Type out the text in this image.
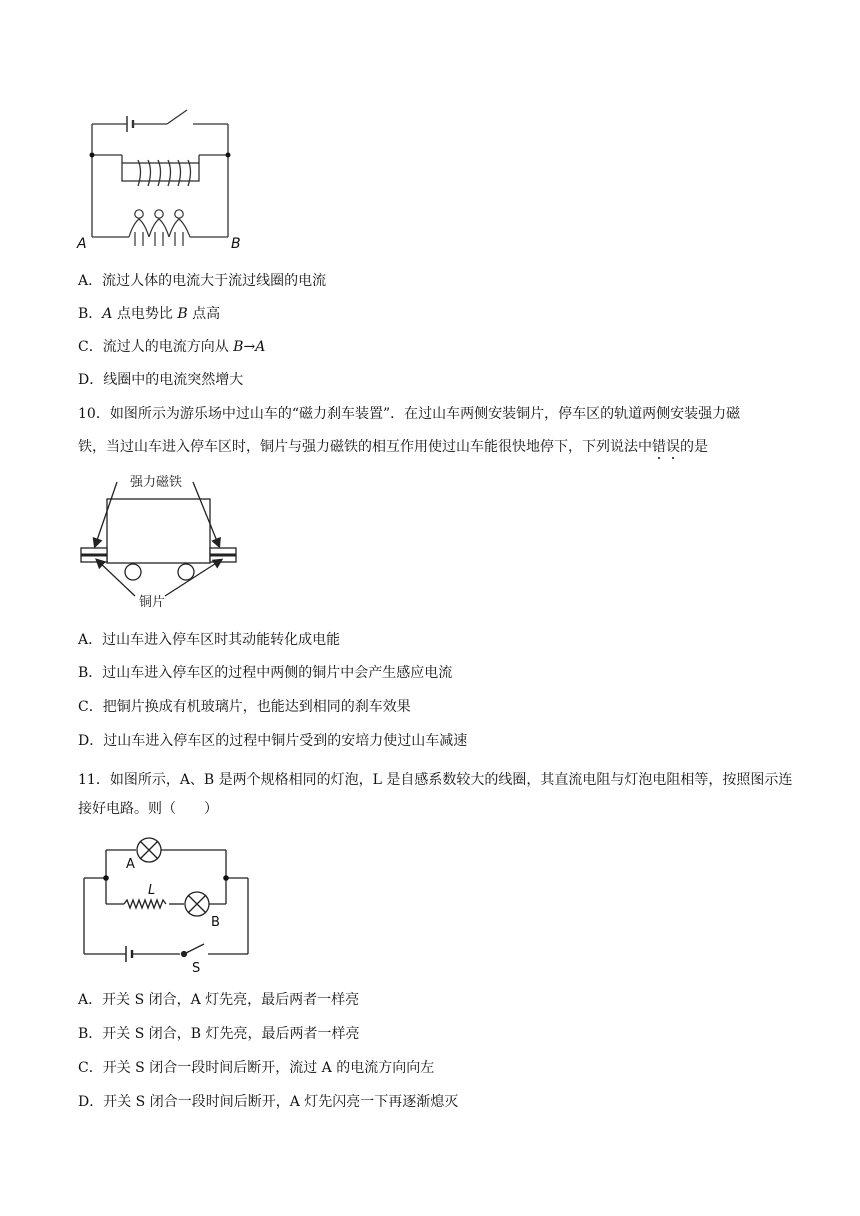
A	B
A．流过人体的电流大于流过线圈的电流
B．A 点电势比 B 点高
C．流过人的电流方向从 B→A
D．线圈中的电流突然增大
10．如图所示为游乐场中过山车的“磁力刹车装置”．在过山车两侧安装铜片，停车区的轨道两侧安装强力磁
铁，当过山车进入停车区时，铜片与强力磁铁的相互作用使过山车能很快地停下，下列说法中错误的是
强力磁铁
铜片
A．过山车进入停车区时其动能转化成电能
B．过山车进入停车区的过程中两侧的铜片中会产生感应电流
C．把铜片换成有机玻璃片，也能达到相同的刹车效果
D．过山车进入停车区的过程中铜片受到的安培力使过山车减速
11．如图所示，A、B 是两个规格相同的灯泡，L 是自感系数较大的线圈，其直流电阻与灯泡电阻相等，按照图示连接好电路。则（　　）
A
L
B
S
A．开关 S 闭合，A 灯先亮，最后两者一样亮
B．开关 S 闭合，B 灯先亮，最后两者一样亮
C．开关 S 闭合一段时间后断开，流过 A 的电流方向向左
D．开关 S 闭合一段时间后断开，A 灯先闪亮一下再逐渐熄灭
